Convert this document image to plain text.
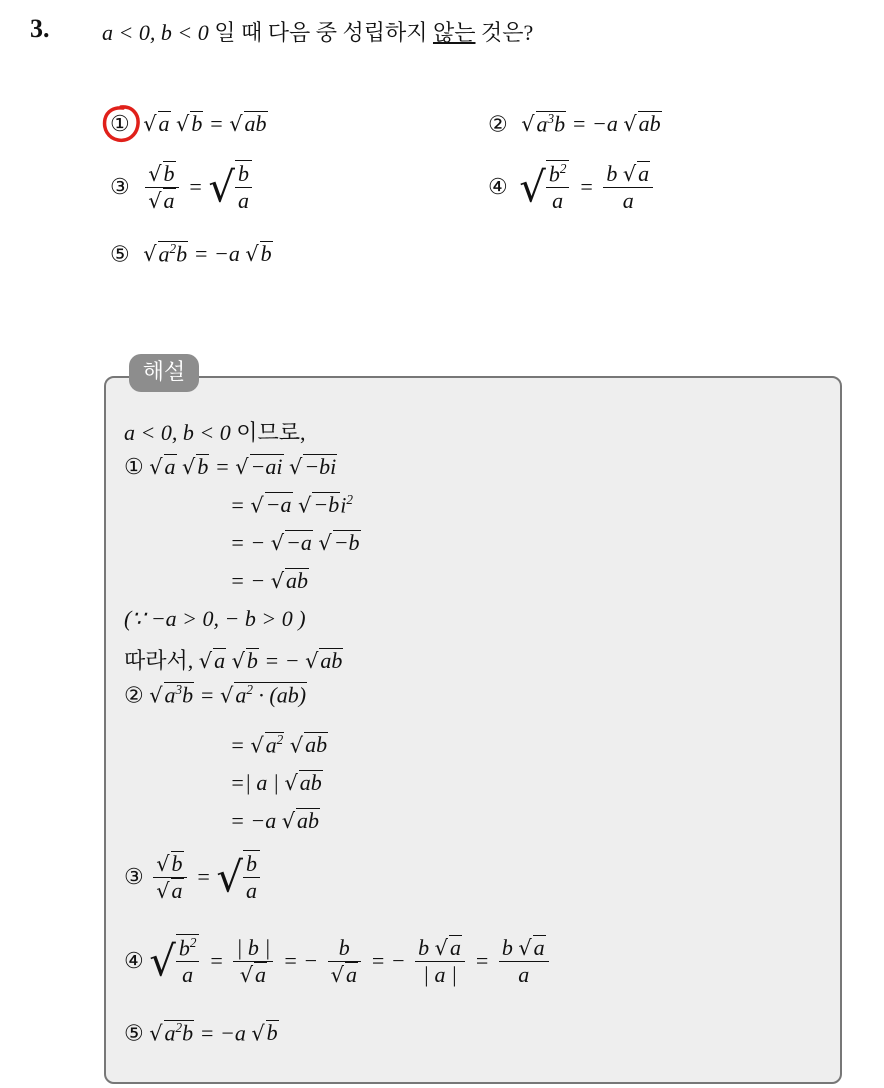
3. a < 0, b < 0 일 때 다음 중 성립하지 않는 것은?
① √a √b = √ab	② $√a^3b = -a$ √ab
③ $\frac{√b}{√a}$ = √ $\frac{b}{a}$	④ √ $\frac{b^2}{a} = \frac{b √a}{a}$
⑤ $√a^2b = -a$ √b
해설
a < 0, b < 0 이므로,
① √a √b = √−ai √−bi
= √−a $√-bi^2$
= − √−a √−b
= − √ab
(∵ −a > 0, − b > 0 )
따라서, √a √b = − √ab
② $√a^3b = √a^2 \cdot (ab)$
= $√a^2$ √ab
=| a | √ab
= −a √ab
③ $\frac{√b}{√a}$ = √ $\frac{b}{a}$
④ √ $\frac{b^2}{a} = \frac{| b |}{√a}$ = − $\frac{b}{√a}$ = − $\frac{b √a}{| a |} = \frac{b √a}{a}$
⑤ $√a^2b = -a$ √b
